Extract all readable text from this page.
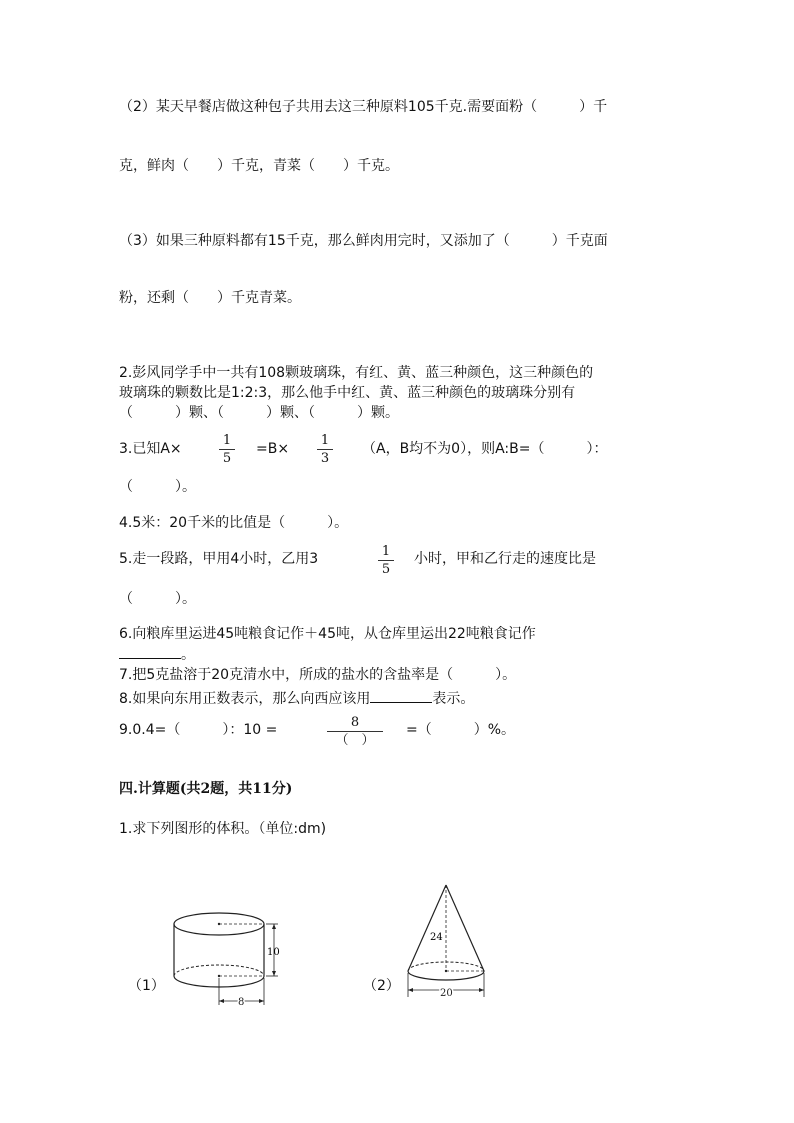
（2）某天早餐店做这种包子共用去这三种原料105千克.需要面粉（　　　）千
克，鲜肉（　　）千克，青菜（　　）千克。
（3）如果三种原料都有15千克，那么鲜肉用完时，又添加了（　　　）千克面
粉，还剩（　　）千克青菜。
2.彭风同学手中一共有108颗玻璃珠，有红、黄、蓝三种颜色，这三种颜色的
玻璃珠的颗数比是1:2:3，那么他手中红、黄、蓝三种颜色的玻璃珠分别有
（　　　）颗、（　　　）颗、（　　　）颗。
3.已知A×
1
5
=B×
1
3
（A，B均不为0），则A:B=（　　　）：
（　　　）。
4.5米：20千米的比值是（　　　）。
5.走一段路，甲用4小时，乙用3	1
5
小时，甲和乙行走的速度比是
（　　　）。
6.向粮库里运进45吨粮食记作＋45吨，从仓库里运出22吨粮食记作
。
7.把5克盐溶于20克清水中，所成的盐水的含盐率是（　　　）。
8.如果向东用正数表示，那么向西应该用	表示。
9.0.4=（　　　）：10 =	8
（　）
=（　　　）%。
四.计算题(共2题，共11分)
1.求下列图形的体积。（单位:dm)
（1）
10
8
（2）
24
20
